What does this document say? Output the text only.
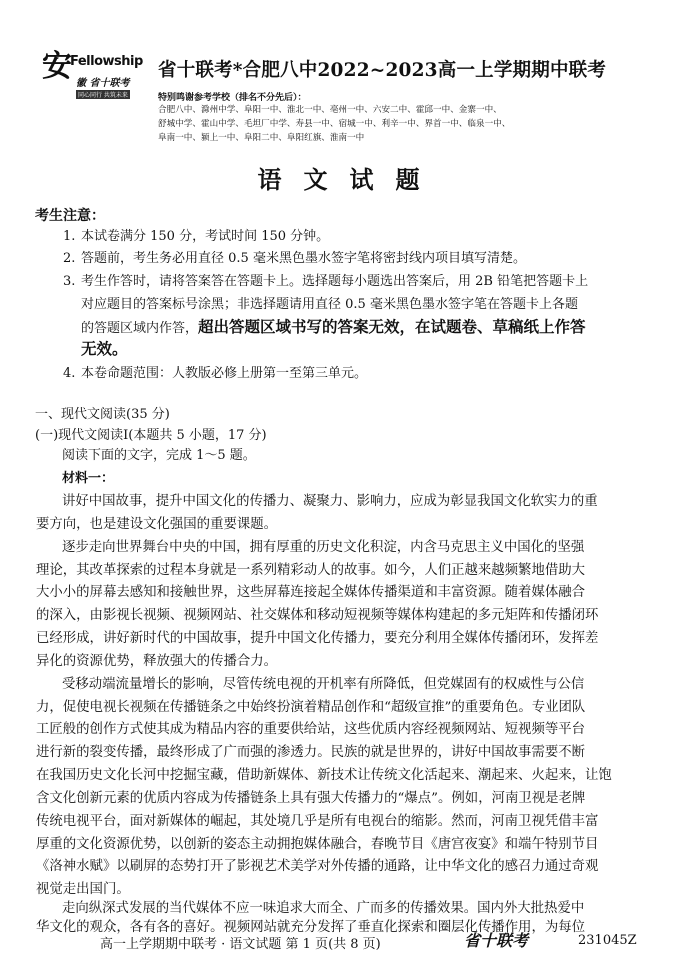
安
Fellowship
徽 省十联考
同心同行 共筑未来
省十联考*合肥八中2022~2023高一上学期期中联考
特别鸣谢参考学校（排名不分先后）：
合肥八中、滁州中学、阜阳一中、淮北一中、亳州一中、六安二中、霍邱一中、金寨一中、
舒城中学、霍山中学、毛坦厂中学、寿县一中、宿城一中、利辛一中、界首一中、临泉一中、
阜南一中、颍上一中、阜阳二中、阜阳红旗、淮南一中
语文试题
考生注意：
1. 本试卷满分 150 分，考试时间 150 分钟。
2. 答题前，考生务必用直径 0.5 毫米黑色墨水签字笔将密封线内项目填写清楚。
3. 考生作答时，请将答案答在答题卡上。选择题每小题选出答案后，用 2B 铅笔把答题卡上
对应题目的答案标号涂黑；非选择题请用直径 0.5 毫米黑色墨水签字笔在答题卡上各题
的答题区域内作答，超出答题区域书写的答案无效，在试题卷、草稿纸上作答
无效。
4. 本卷命题范围：人教版必修上册第一至第三单元。
一、现代文阅读(35 分)
(一)现代文阅读Ⅰ(本题共 5 小题，17 分)
阅读下面的文字，完成 1～5 题。
材料一：
讲好中国故事，提升中国文化的传播力、凝聚力、影响力，应成为彰显我国文化软实力的重
要方向，也是建设文化强国的重要课题。
逐步走向世界舞台中央的中国，拥有厚重的历史文化积淀，内含马克思主义中国化的坚强
理论，其改革探索的过程本身就是一系列精彩动人的故事。如今，人们正越来越频繁地借助大
大小小的屏幕去感知和接触世界，这些屏幕连接起全媒体传播渠道和丰富资源。随着媒体融合
的深入，由影视长视频、视频网站、社交媒体和移动短视频等媒体构建起的多元矩阵和传播闭环
已经形成，讲好新时代的中国故事，提升中国文化传播力，要充分利用全媒体传播闭环，发挥差
异化的资源优势，释放强大的传播合力。
受移动端流量增长的影响，尽管传统电视的开机率有所降低，但党媒固有的权威性与公信
力，促使电视长视频在传播链条之中始终扮演着精品创作和“超级宣推”的重要角色。专业团队
工匠般的创作方式使其成为精品内容的重要供给站，这些优质内容经视频网站、短视频等平台
进行新的裂变传播，最终形成了广而强的渗透力。民族的就是世界的，讲好中国故事需要不断
在我国历史文化长河中挖掘宝藏，借助新媒体、新技术让传统文化活起来、潮起来、火起来，让饱
含文化创新元素的优质内容成为传播链条上具有强大传播力的“爆点”。例如，河南卫视是老牌
传统电视平台，面对新媒体的崛起，其处境几乎是所有电视台的缩影。然而，河南卫视凭借丰富
厚重的文化资源优势，以创新的姿态主动拥抱媒体融合，春晚节目《唐宫夜宴》和端午特别节目
《洛神水赋》以刷屏的态势打开了影视艺术美学对外传播的通路，让中华文化的感召力通过奇观
视觉走出国门。
走向纵深式发展的当代媒体不应一味追求大而全、广而多的传播效果。国内外大批热爱中
华文化的观众，各有各的喜好。视频网站就充分发挥了垂直化探索和圈层化传播作用，为每位
高一上学期期中联考 · 语文试题 第 1 页(共 8 页)	省十联考	231045Z
